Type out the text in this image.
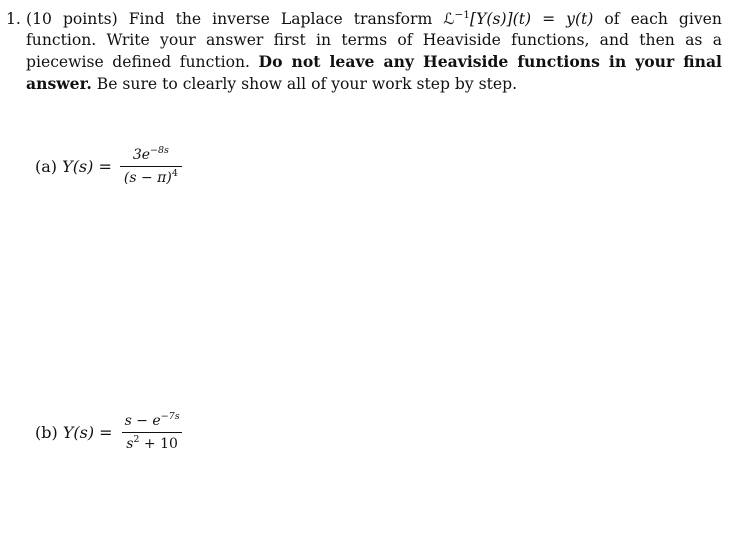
1. (10 points) Find the inverse Laplace transform ℒ$^{-1}$[Y(s)](t) = y(t) of each given function. Write your answer first in terms of Heaviside functions, and then as a piecewise defined function. Do not leave any Heaviside functions in your final answer. Be sure to clearly show all of your work step by step.
(a)
$Y(s) = \frac{3e^{-8s}}{(s - \pi)^4}$
(b)
$Y(s) = \frac{s - e^{-7s}}{s^2 + 10}$
